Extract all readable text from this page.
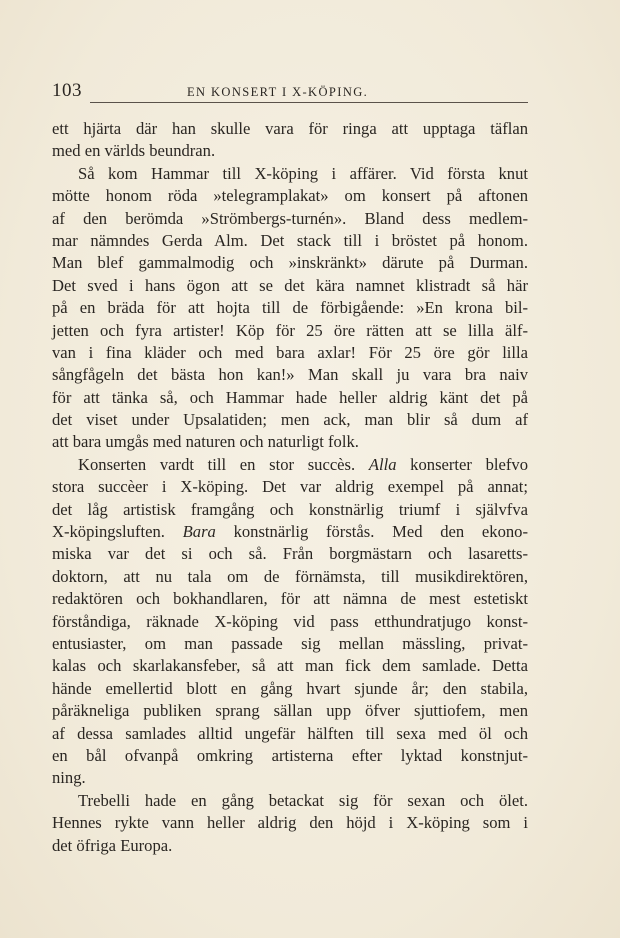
103	EN KONSERT I X-KÖPING.
ett hjärta där han skulle vara för ringa att upptaga täflan
med en världs beundran.
Så kom Hammar till X-köping i affärer. Vid första knut
mötte honom röda »telegramplakat» om konsert på aftonen
af den berömda »Strömbergs-turnén». Bland dess medlem-
mar nämndes Gerda Alm. Det stack till i bröstet på honom.
Man blef gammalmodig och »inskränkt» därute på Durman.
Det sved i hans ögon att se det kära namnet klistradt så här
på en bräda för att hojta till de förbigående: »En krona bil-
jetten och fyra artister! Köp för 25 öre rätten att se lilla älf-
van i fina kläder och med bara axlar! För 25 öre gör lilla
sångfågeln det bästa hon kan!» Man skall ju vara bra naiv
för att tänka så, och Hammar hade heller aldrig känt det på
det viset under Upsalatiden; men ack, man blir så dum af
att bara umgås med naturen och naturligt folk.
Konserten vardt till en stor succès. Alla konserter blefvo
stora succèer i X-köping. Det var aldrig exempel på annat;
det låg artistisk framgång och konstnärlig triumf i självfva
X-köpingsluften. Bara konstnärlig förstås. Med den ekono-
miska var det si och så. Från borgmästarn och lasaretts-
doktorn, att nu tala om de förnämsta, till musikdirektören,
redaktören och bokhandlaren, för att nämna de mest estetiskt
förståndiga, räknade X-köping vid pass etthundratjugo konst-
entusiaster, om man passade sig mellan mässling, privat-
kalas och skarlakansfeber, så att man fick dem samlade. Detta
hände emellertid blott en gång hvart sjunde år; den stabila,
påräkneliga publiken sprang sällan upp öfver sjuttiofem, men
af dessa samlades alltid ungefär hälften till sexa med öl och
en bål ofvanpå omkring artisterna efter lyktad konstnjut-
ning.
Trebelli hade en gång betackat sig för sexan och ölet.
Hennes rykte vann heller aldrig den höjd i X-köping som i
det öfriga Europa.
